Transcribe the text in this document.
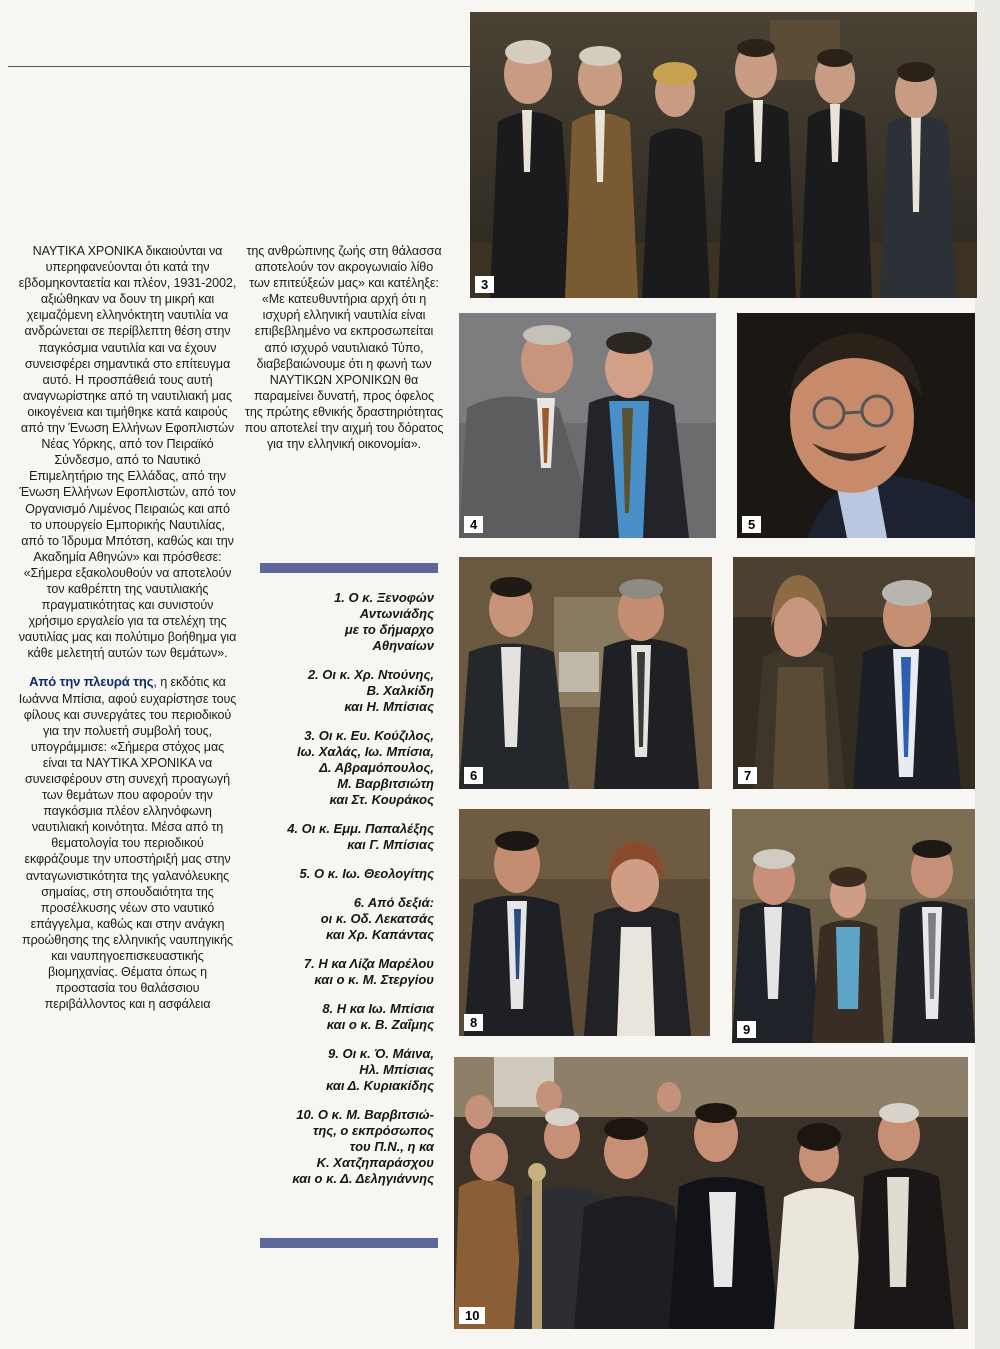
ΝΑΥΤΙΚΑ ΧΡΟΝΙΚΑ δικαιούνται να υπερηφανεύονται ότι κατά την εβδομηκονταετία και πλέον, 1931-2002, αξιώθηκαν να δουν τη μικρή και χειμαζόμενη ελληνόκτητη ναυτιλία να ανδρώνεται σε περίβλεπτη θέση στην παγκόσμια ναυτιλία και να έχουν συνεισφέρει σημαντικά στο επίτευγμα αυτό. Η προσπάθειά τους αυτή αναγνωρίστηκε από τη ναυτιλιακή μας οικογένεια και τιμήθηκε κατά καιρούς από την Ένωση Ελλήνων Εφοπλιστών Νέας Υόρκης, από τον Πειραϊκό Σύνδεσμο, από το Ναυτικό Επιμελητήριο της Ελλάδας, από την Ένωση Ελλήνων Εφοπλιστών, από τον Οργανισμό Λιμένος Πειραιώς και από το υπουργείο Εμπορικής Ναυτιλίας, από το Ίδρυμα Μπότση, καθώς και την Ακαδημία Αθηνών» και πρόσθεσε:

«Σήμερα εξακολουθούν να αποτελούν τον καθρέπτη της ναυτιλιακής πραγματικότητας και συνιστούν χρήσιμο εργαλείο για τα στελέχη της ναυτιλίας μας και πολύτιμο βοήθημα για κάθε μελετητή αυτών των θεμάτων».

Από την πλευρά της, η εκδότις κα Ιωάννα Μπίσια, αφού ευχαρίστησε τους φίλους και συνεργάτες του περιοδικού για την πολυετή συμβολή τους, υπογράμμισε: «Σήμερα στόχος μας είναι τα ΝΑΥΤΙΚΑ ΧΡΟΝΙΚΑ να συνεισφέρουν στη συνεχή προαγωγή των θεμάτων που αφορούν την παγκόσμια πλέον ελληνόφωνη ναυτιλιακή κοινότητα. Μέσα από τη θεματολογία του περιοδικού εκφράζουμε την υποστήριξή μας στην ανταγωνιστικότητα της γαλανόλευκης σημαίας, στη σπουδαιότητα της προσέλκυσης νέων στο ναυτικό επάγγελμα, καθώς και στην ανάγκη προώθησης της ελληνικής ναυπηγικής και ναυπηγοεπισκευαστικής βιομηχανίας. Θέματα όπως η προστασία του θαλάσσιου περιβάλλοντος και η ασφάλεια

της ανθρώπινης ζωής στη θάλασσα αποτελούν τον ακρογωνιαίο λίθο των επιτεύξεών μας» και κατέληξε:

«Με κατευθυντήρια αρχή ότι η ισχυρή ελληνική ναυτιλία είναι επιβεβλημένο να εκπροσωπείται από ισχυρό ναυτιλιακό Τύπο, διαβεβαιώνουμε ότι η φωνή των ΝΑΥΤΙΚΩΝ ΧΡΟΝΙΚΩΝ θα παραμείνει δυνατή, προς όφελος της πρώτης εθνικής δραστηριότητας που αποτελεί την αιχμή του δόρατος για την ελληνική οικονομία».

1. Ο κ. Ξενοφών
Αντωνιάδης
με το δήμαρχο
Αθηναίων

2. Οι κ. Χρ. Ντούνης,
Β. Χαλκίδη
και Η. Μπίσιας

3. Οι κ. Ευ. Κούζιλος,
Ιω. Χαλάς, Ιω. Μπίσια,
Δ. Αβραμόπουλος,
Μ. Βαρβιτσιώτη
και Στ. Κουράκος

4. Οι κ. Εμμ. Παπαλέξης
και Γ. Μπίσιας

5. Ο κ. Ιω. Θεολογίτης

6. Από δεξιά:
οι κ. Οδ. Λεκατσάς
και Χρ. Καπάντας

7. Η κα Λίζα Μαρέλου
και ο κ. Μ. Στεργίου

8. Η κα Ιω. Μπίσια
και ο κ. Β. Ζαΐμης

9. Οι κ. Ό. Μάινα,
Ηλ. Μπίσιας
και Δ. Κυριακίδης

10. Ο κ. Μ. Βαρβιτσιώ-
της, ο εκπρόσωπος
του Π.Ν., η κα
Κ. Χατζηπαράσχου
και ο κ. Δ. Δεληγιάννης

3
4	5
6	7
8	9
10
